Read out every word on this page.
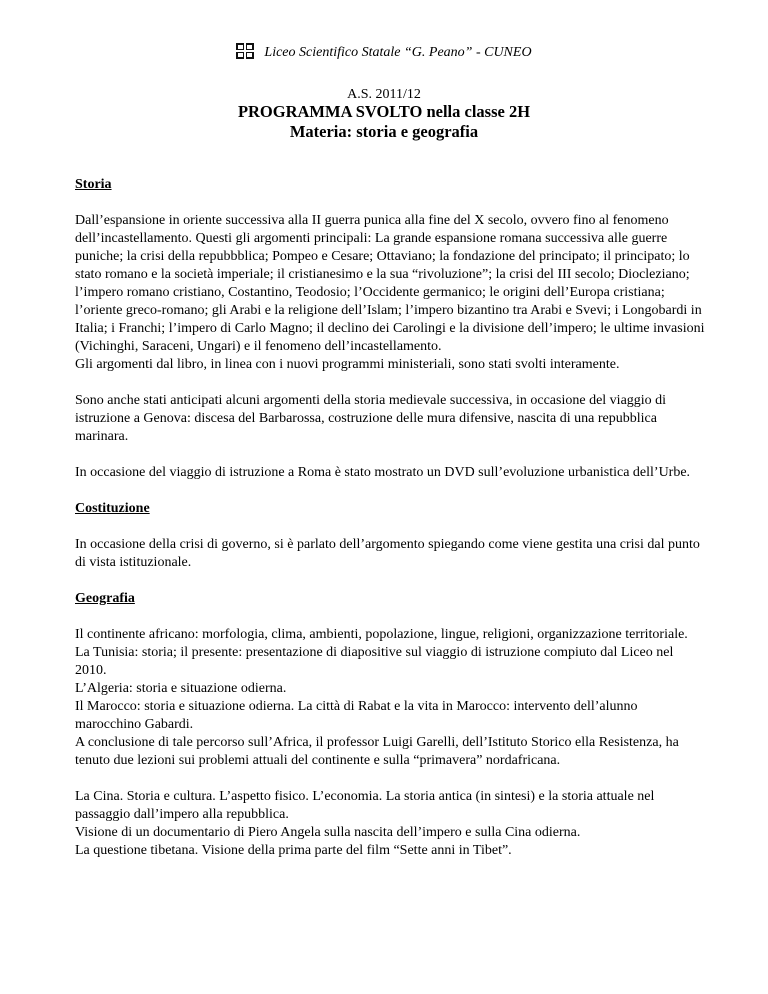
Liceo Scientifico Statale “G. Peano” - CUNEO
A.S. 2011/12
PROGRAMMA SVOLTO nella classe 2H
Materia: storia e geografia

Storia

Dall’espansione in oriente successiva alla II guerra punica alla fine del X secolo, ovvero fino al fenomeno dell’incastellamento. Questi gli argomenti principali: La grande espansione romana successiva alle guerre puniche; la crisi della repubbblica; Pompeo e Cesare; Ottaviano; la fondazione del principato; il principato; lo stato romano e la società imperiale; il cristianesimo e la sua “rivoluzione”; la crisi del III secolo; Diocleziano; l’impero romano cristiano, Costantino, Teodosio; l’Occidente germanico; le origini dell’Europa cristiana; l’oriente greco-romano; gli Arabi e la religione dell’Islam; l’impero bizantino tra Arabi e Svevi; i Longobardi in Italia; i Franchi; l’impero di Carlo Magno; il declino dei Carolingi e la divisione dell’impero; le ultime invasioni (Vichinghi, Saraceni, Ungari) e il fenomeno dell’incastellamento.

Gli argomenti dal libro, in linea con i nuovi programmi ministeriali, sono stati svolti interamente.

Sono anche stati anticipati alcuni argomenti della storia medievale successiva, in occasione del viaggio di istruzione a Genova: discesa del Barbarossa, costruzione delle mura difensive, nascita di una repubblica marinara.

In occasione del viaggio di istruzione a Roma è stato mostrato un DVD sull’evoluzione urbanistica dell’Urbe.

Costituzione

In occasione della crisi di governo, si è parlato dell’argomento spiegando come viene gestita una crisi dal punto di vista istituzionale.

Geografia

Il continente africano: morfologia, clima, ambienti, popolazione, lingue, religioni, organizzazione territoriale.

La Tunisia: storia; il presente: presentazione di diapositive sul viaggio di istruzione compiuto dal Liceo nel 2010.

L’Algeria: storia e situazione odierna.

Il Marocco: storia e situazione odierna. La città di Rabat e la vita in Marocco: intervento dell’alunno marocchino Gabardi.

A conclusione di tale percorso sull’Africa, il professor Luigi Garelli, dell’Istituto Storico ella Resistenza, ha tenuto due lezioni sui problemi attuali del continente e sulla “primavera” nordafricana.

La Cina. Storia e cultura. L’aspetto fisico. L’economia. La storia antica (in sintesi) e la storia attuale nel passaggio dall’impero alla repubblica.

Visione di un documentario di Piero Angela sulla nascita dell’impero e sulla Cina odierna.

La questione tibetana. Visione della prima parte del film “Sette anni in Tibet”.
